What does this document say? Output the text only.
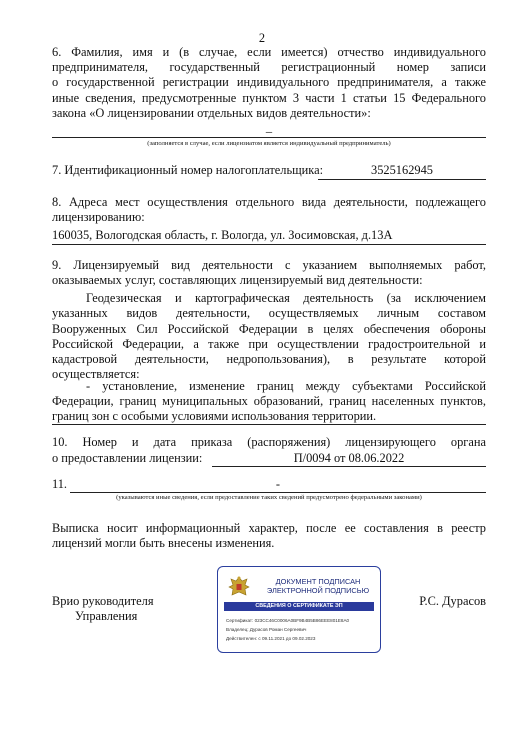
2
6. Фамилия, имя и (в случае, если имеется) отчество индивидуального
предпринимателя, государственный регистрационный номер записи
о государственной регистрации индивидуального предпринимателя, а также
иные сведения, предусмотренные пунктом 3 части 1 статьи 15 Федерального
закона «О лицензировании отдельных видов деятельности»:
_
(заполняется в случае, если лицензиатом является индивидуальный предприниматель)
7. Идентификационный номер налогоплательщика:	3525162945
8. Адреса мест осуществления отдельного вида деятельности, подлежащего
лицензированию:
160035, Вологодская область, г. Вологда, ул. Зосимовская, д.13А
9. Лицензируемый вид деятельности с указанием выполняемых работ,
оказываемых услуг, составляющих лицензируемый вид деятельности:
Геодезическая и картографическая деятельность (за исключением
указанных видов деятельности, осуществляемых личным составом
Вооруженных Сил Российской Федерации в целях обеспечения обороны
Российской Федерации, а также при осуществлении градостроительной и
кадастровой деятельности, недропользования), в результате которой
осуществляется:
- установление, изменение границ между субъектами Российской
Федерации, границ муниципальных образований, границ населенных пунктов,
границ зон с особыми условиями использования территории.
10. Номер и дата приказа (распоряжения) лицензирующего органа
о предоставлении лицензии:	П/0094 от 08.06.2022
11.	-
(указываются иные сведения, если предоставление таких сведений предусмотрено федеральными законами)
Выписка носит информационный характер, после ее составления в реестр
лицензий могли быть внесены изменения.
Врио руководителя
Управления
Р.С. Дурасов
ДОКУМЕНТ ПОДПИСАН
ЭЛЕКТРОННОЙ ПОДПИСЬЮ
СВЕДЕНИЯ О СЕРТИФИКАТЕ ЭП
Сертификат: 023CC46C0006A0BF9B4B5B86EEE801E8A0
Владелец: Дурасов Роман Сергеевич
Действителен: с 09.11.2021 до 09.02.2023
